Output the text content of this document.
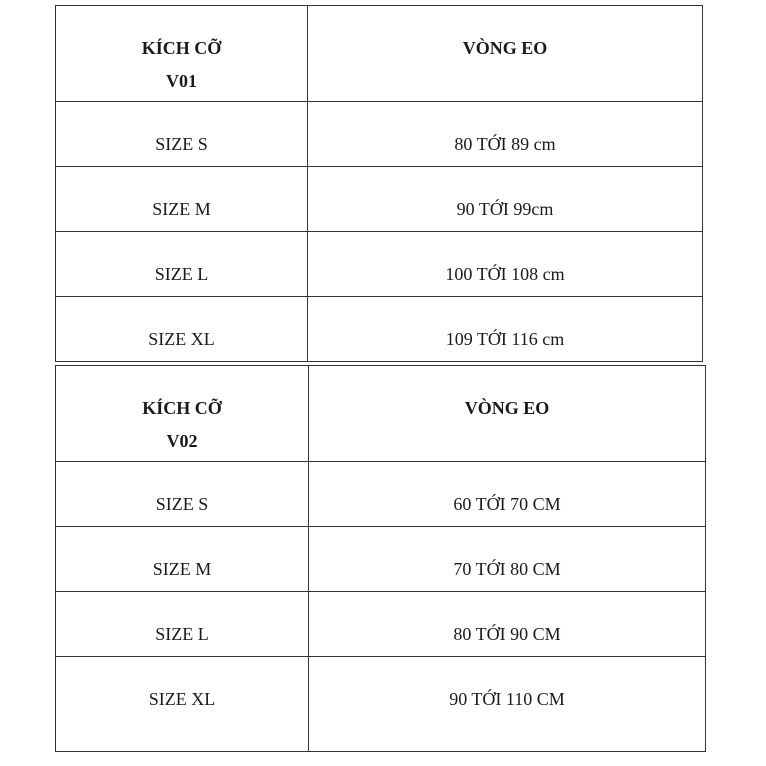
KÍCH CỠ
V01	VÒNG EO

SIZE S	80 TỚI 89 cm

SIZE M	90 TỚI 99cm

SIZE L	100 TỚI 108 cm

SIZE XL	109 TỚI 116 cm
KÍCH CỠ
V02	VÒNG EO

SIZE S	60 TỚI 70 CM

SIZE M	70 TỚI 80 CM

SIZE L	80 TỚI 90 CM

SIZE XL	90 TỚI 110 CM
